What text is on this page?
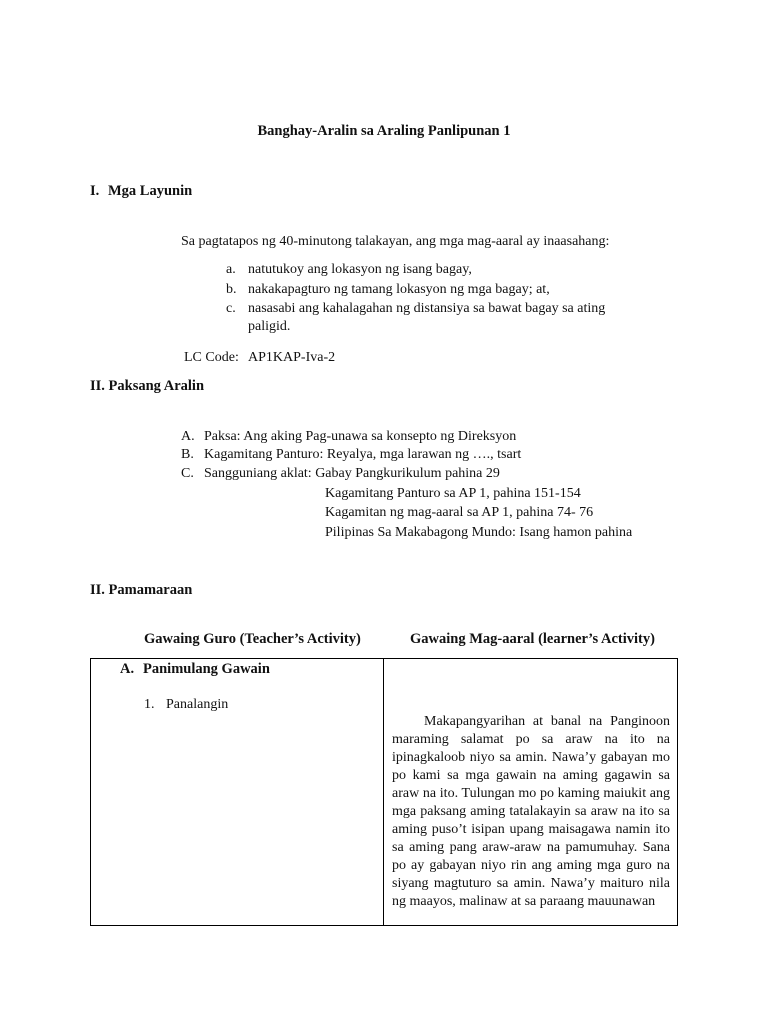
Banghay-Aralin sa Araling Panlipunan 1
I. Mga Layunin
Sa pagtatapos ng 40-minutong talakayan, ang mga mag-aaral ay inaasahang:
a. natutukoy ang lokasyon ng isang bagay,
b. nakakapagturo ng tamang lokasyon ng mga bagay; at,
c. nasasabi ang kahalagahan ng distansiya sa bawat bagay sa ating
paligid.
LC Code: AP1KAP-Iva-2
II. Paksang Aralin
A. Paksa: Ang aking Pag-unawa sa konsepto ng Direksyon
B. Kagamitang Panturo: Reyalya, mga larawan ng …., tsart
C. Sangguniang aklat: Gabay Pangkurikulum pahina 29
Kagamitang Panturo sa AP 1, pahina 151-154
Kagamitan ng mag-aaral sa AP 1, pahina 74- 76
Pilipinas Sa Makabagong Mundo: Isang hamon pahina
II. Pamamaraan
Gawaing Guro (Teacher’s Activity)	Gawaing Mag-aaral (learner’s Activity)
A. Panimulang Gawain
1. Panalangin
Makapangyarihan at banal na Panginoon maraming salamat po sa araw na ito na ipinagkaloob niyo sa amin. Nawa’y gabayan mo po kami sa mga gawain na aming gagawin sa araw na ito. Tulungan mo po kaming maiukit ang mga paksang aming tatalakayin sa araw na ito sa aming puso’t isipan upang maisagawa namin ito sa aming pang araw-araw na pamumuhay. Sana po ay gabayan niyo rin ang aming mga guro na siyang magtuturo sa amin. Nawa’y maituro nila ng maayos, malinaw at sa paraang mauunawan
